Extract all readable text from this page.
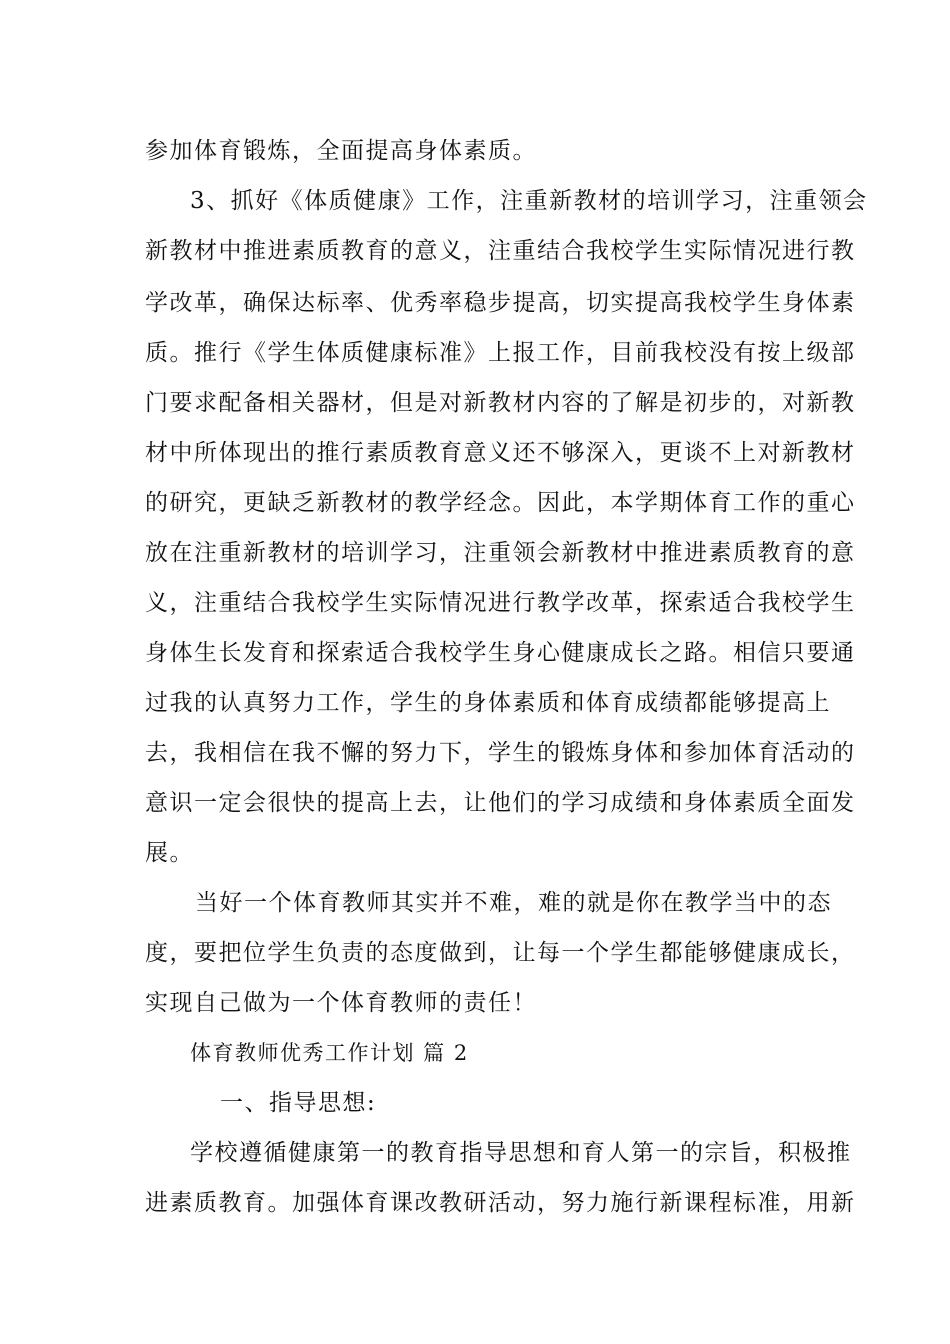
参加体育锻炼，全面提高身体素质。
3、抓好《体质健康》工作，注重新教材的培训学习，注重领会
新教材中推进素质教育的意义，注重结合我校学生实际情况进行教
学改革，确保达标率、优秀率稳步提高，切实提高我校学生身体素
质。推行《学生体质健康标准》上报工作，目前我校没有按上级部
门要求配备相关器材，但是对新教材内容的了解是初步的，对新教
材中所体现出的推行素质教育意义还不够深入，更谈不上对新教材
的研究，更缺乏新教材的教学经念。因此，本学期体育工作的重心
放在注重新教材的培训学习，注重领会新教材中推进素质教育的意
义，注重结合我校学生实际情况进行教学改革，探索适合我校学生
身体生长发育和探索适合我校学生身心健康成长之路。相信只要通
过我的认真努力工作，学生的身体素质和体育成绩都能够提高上
去，我相信在我不懈的努力下，学生的锻炼身体和参加体育活动的
意识一定会很快的提高上去，让他们的学习成绩和身体素质全面发
展。
当好一个体育教师其实并不难，难的就是你在教学当中的态
度，要把位学生负责的态度做到，让每一个学生都能够健康成长，
实现自己做为一个体育教师的责任！
体育教师优秀工作计划 篇 2
一、指导思想:
学校遵循健康第一的教育指导思想和育人第一的宗旨，积极推
进素质教育。加强体育课改教研活动，努力施行新课程标准，用新
